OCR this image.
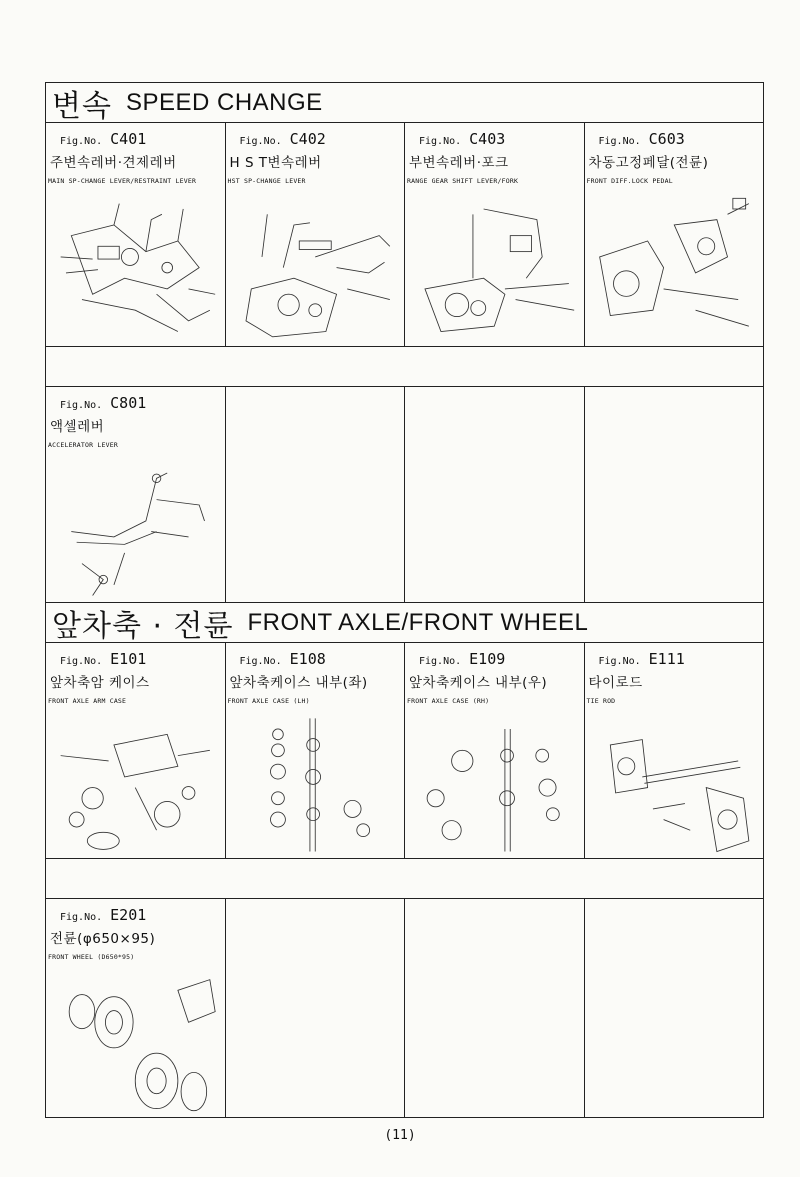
변속 SPEED CHANGE
Fig.No. C401
주변속레버·견제레버
MAIN SP-CHANGE LEVER/RESTRAINT LEVER
Fig.No. C402
H S T변속레버
HST SP-CHANGE LEVER
Fig.No. C403
부변속레버·포크
RANGE GEAR SHIFT LEVER/FORK
Fig.No. C603
차동고정페달(전륜)
FRONT DIFF.LOCK PEDAL
Fig.No. C801
액셀레버
ACCELERATOR LEVER
앞차축 · 전륜 FRONT AXLE/FRONT WHEEL
Fig.No. E101
앞차축암 케이스
FRONT AXLE ARM CASE
Fig.No. E108
앞차축케이스 내부(좌)
FRONT AXLE CASE (LH)
Fig.No. E109
앞차축케이스 내부(우)
FRONT AXLE CASE (RH)
Fig.No. E111
타이로드
TIE ROD
Fig.No. E201
전륜(φ650×95)
FRONT WHEEL (D650*95)
(11)
